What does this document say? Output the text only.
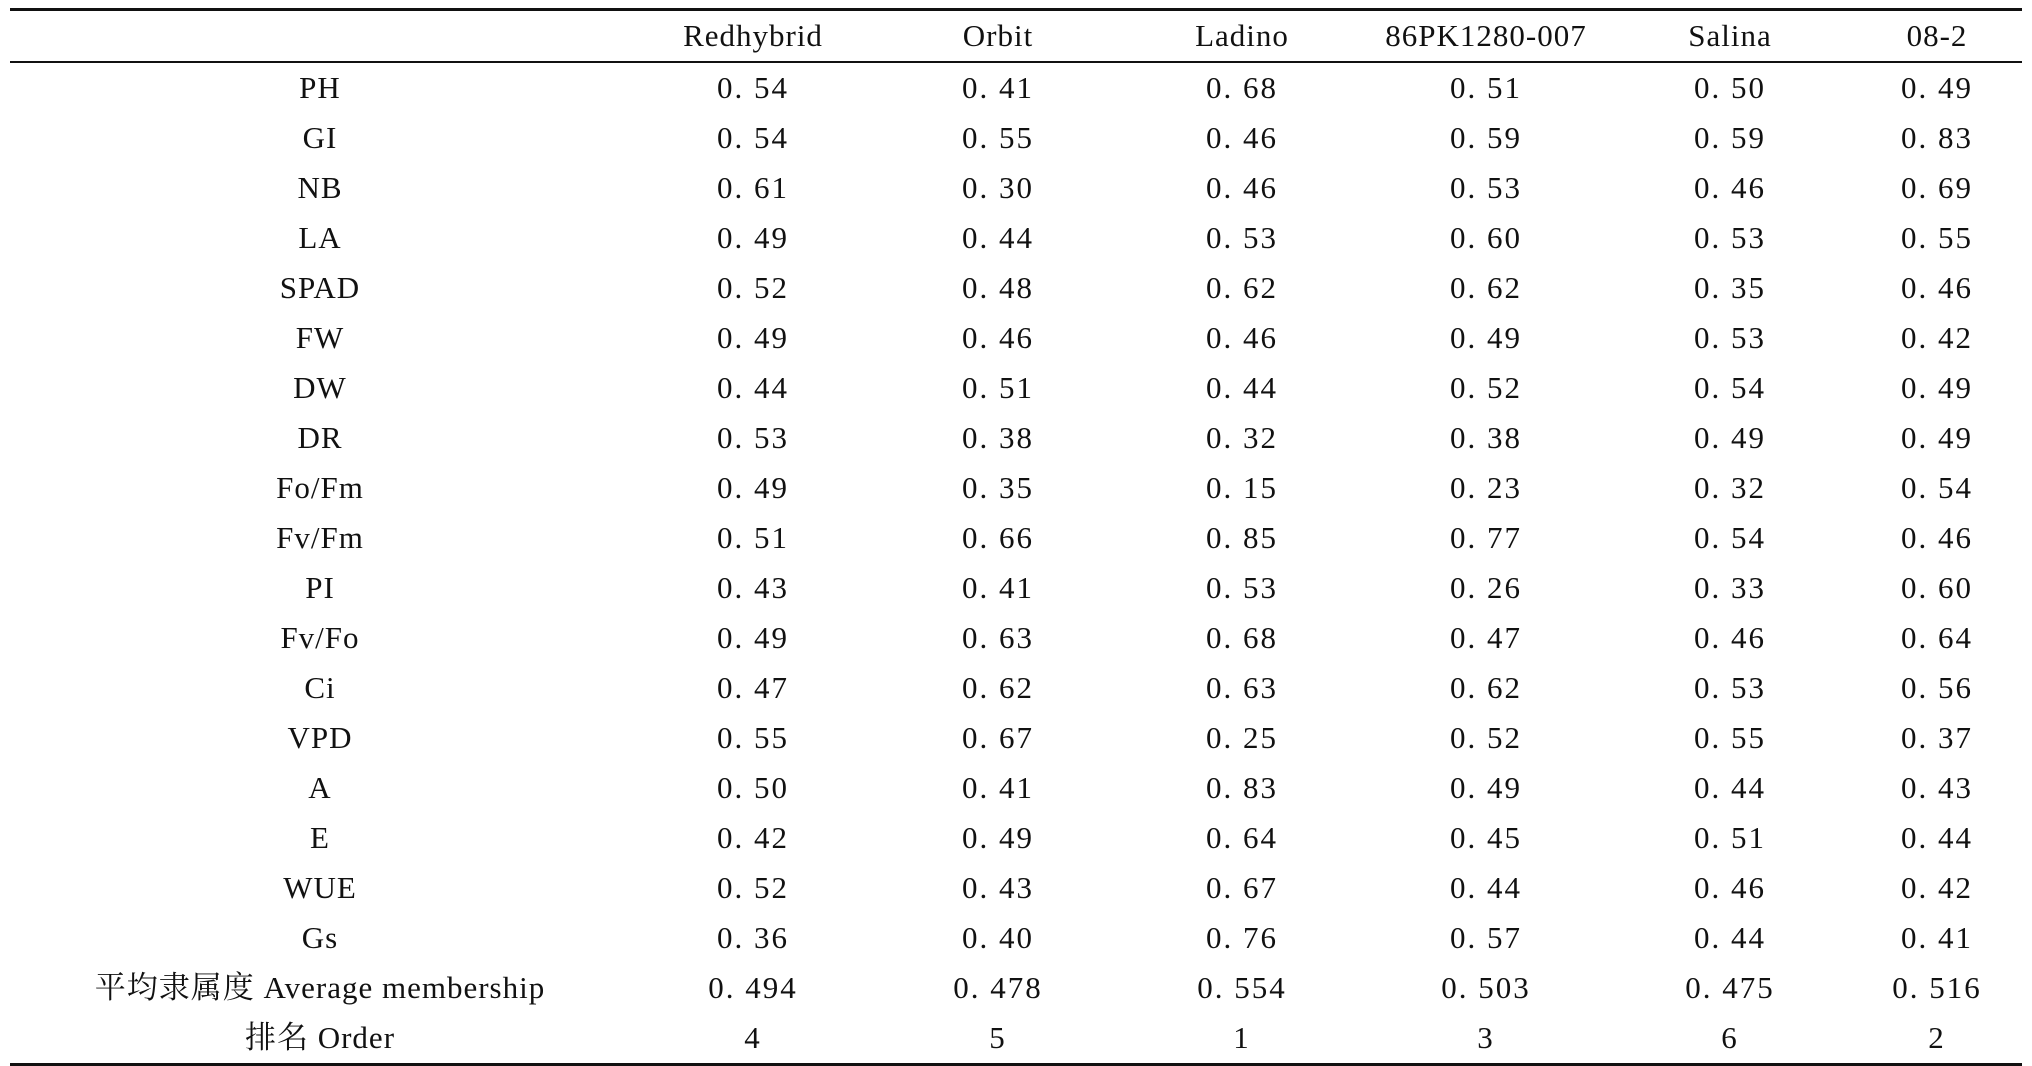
	Redhybrid	Orbit	Ladino	86PK1280-007	Salina	08-2
PH	0. 54	0. 41	0. 68	0. 51	0. 50	0. 49
GI	0. 54	0. 55	0. 46	0. 59	0. 59	0. 83
NB	0. 61	0. 30	0. 46	0. 53	0. 46	0. 69
LA	0. 49	0. 44	0. 53	0. 60	0. 53	0. 55
SPAD	0. 52	0. 48	0. 62	0. 62	0. 35	0. 46
FW	0. 49	0. 46	0. 46	0. 49	0. 53	0. 42
DW	0. 44	0. 51	0. 44	0. 52	0. 54	0. 49
DR	0. 53	0. 38	0. 32	0. 38	0. 49	0. 49
Fo/Fm	0. 49	0. 35	0. 15	0. 23	0. 32	0. 54
Fv/Fm	0. 51	0. 66	0. 85	0. 77	0. 54	0. 46
PI	0. 43	0. 41	0. 53	0. 26	0. 33	0. 60
Fv/Fo	0. 49	0. 63	0. 68	0. 47	0. 46	0. 64
Ci	0. 47	0. 62	0. 63	0. 62	0. 53	0. 56
VPD	0. 55	0. 67	0. 25	0. 52	0. 55	0. 37
A	0. 50	0. 41	0. 83	0. 49	0. 44	0. 43
E	0. 42	0. 49	0. 64	0. 45	0. 51	0. 44
WUE	0. 52	0. 43	0. 67	0. 44	0. 46	0. 42
Gs	0. 36	0. 40	0. 76	0. 57	0. 44	0. 41
平均隶属度 Average membership	0. 494	0. 478	0. 554	0. 503	0. 475	0. 516
排名 Order	4	5	1	3	6	2
